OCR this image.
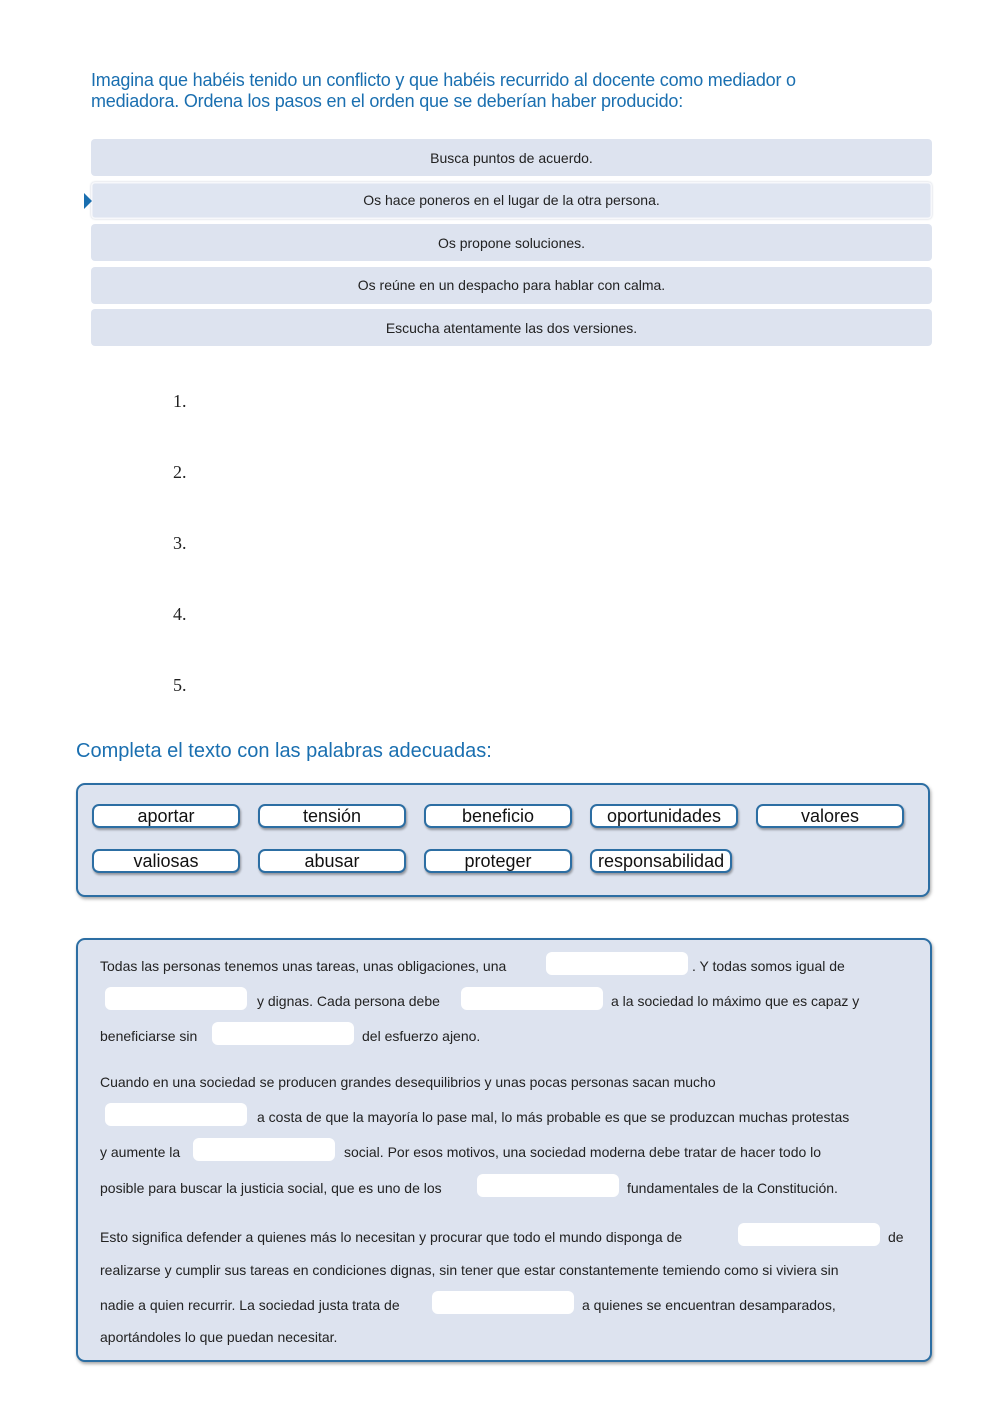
Imagina que habéis tenido un conflicto y que habéis recurrido al docente como mediador o
mediadora. Ordena los pasos en el orden que se deberían haber producido:
Busca puntos de acuerdo.
Os hace poneros en el lugar de la otra persona.
Os propone soluciones.
Os reúne en un despacho para hablar con calma.
Escucha atentamente las dos versiones.
1.
2.
3.
4.
5.
Completa el texto con las palabras adecuadas:
aportar	tensión	beneficio	oportunidades	valores
valiosas	abusar	proteger	responsabilidad
Todas las personas tenemos unas tareas, unas obligaciones, una	. Y todas somos igual de
y dignas. Cada persona debe	a la sociedad lo máximo que es capaz y
beneficiarse sin	del esfuerzo ajeno.
Cuando en una sociedad se producen grandes desequilibrios y unas pocas personas sacan mucho
a costa de que la mayoría lo pase mal, lo más probable es que se produzcan muchas protestas
y aumente la	social. Por esos motivos, una sociedad moderna debe tratar de hacer todo lo
posible para buscar la justicia social, que es uno de los	fundamentales de la Constitución.
Esto significa defender a quienes más lo necesitan y procurar que todo el mundo disponga de	de
realizarse y cumplir sus tareas en condiciones dignas, sin tener que estar constantemente temiendo como si viviera sin
nadie a quien recurrir. La sociedad justa trata de	a quienes se encuentran desamparados,
aportándoles lo que puedan necesitar.
